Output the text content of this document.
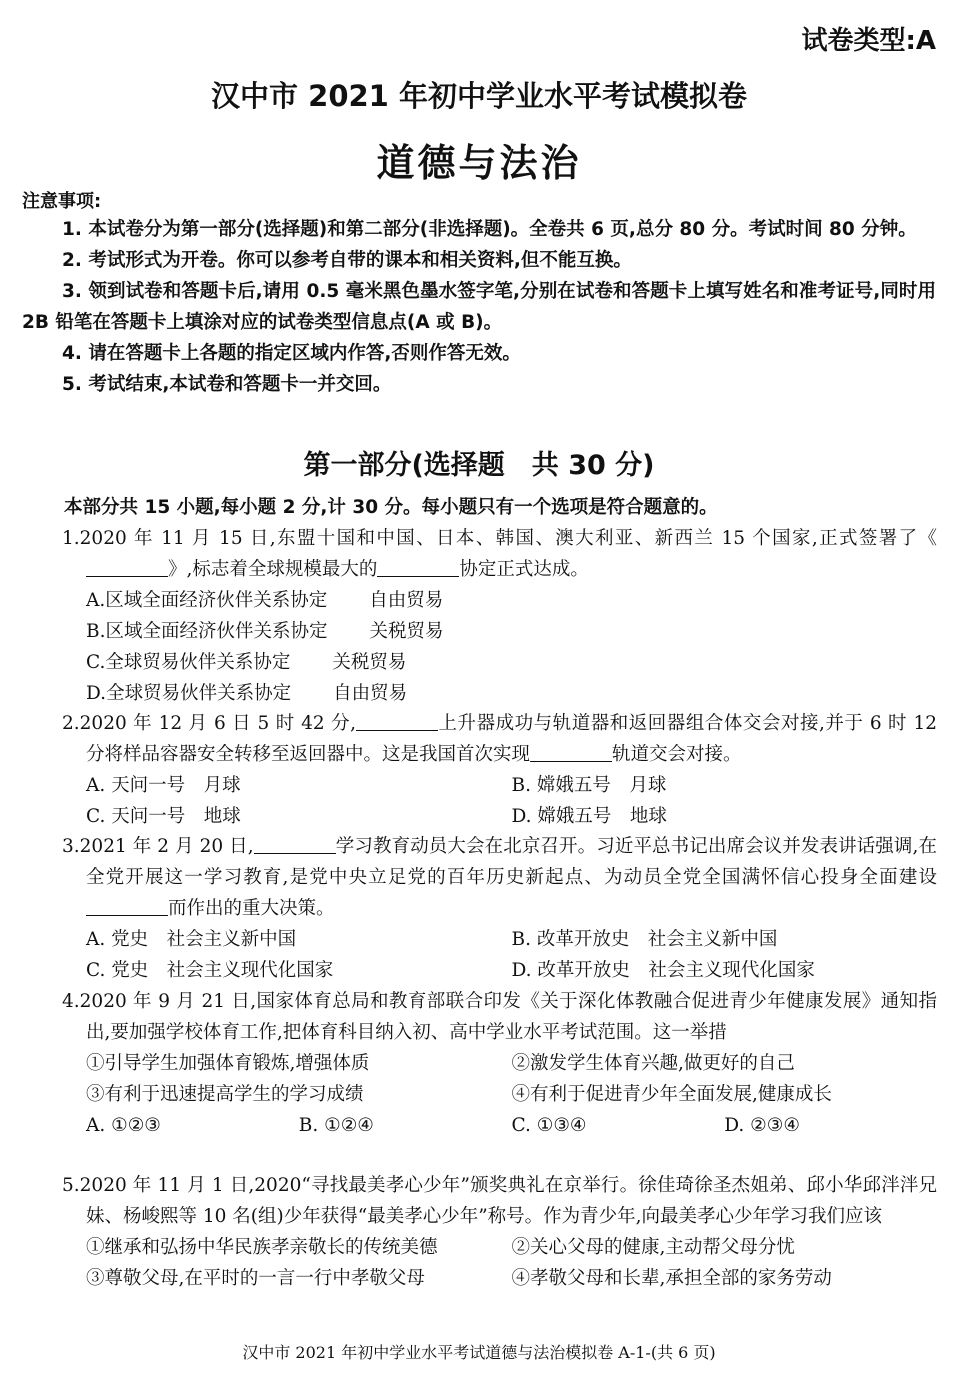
试卷类型:A
汉中市 2021 年初中学业水平考试模拟卷
道德与法治
注意事项:

1. 本试卷分为第一部分(选择题)和第二部分(非选择题)。全卷共 6 页,总分 80 分。考试时间 80 分钟。

2. 考试形式为开卷。你可以参考自带的课本和相关资料,但不能互换。

3. 领到试卷和答题卡后,请用 0.5 毫米黑色墨水签字笔,分别在试卷和答题卡上填写姓名和准考证号,同时用 2B 铅笔在答题卡上填涂对应的试卷类型信息点(A 或 B)。

4. 请在答题卡上各题的指定区域内作答,否则作答无效。

5. 考试结束,本试卷和答题卡一并交回。

第一部分(选择题　共 30 分)
本部分共 15 小题,每小题 2 分,计 30 分。每小题只有一个选项是符合题意的。

1.2020 年 11 月 15 日,东盟十国和中国、日本、韩国、澳大利亚、新西兰 15 个国家,正式签署了《》,标志着全球规模最大的	协定正式达成。

A.区域全面经济伙伴关系协定 自由贸易
B.区域全面经济伙伴关系协定 关税贸易
C.全球贸易伙伴关系协定 关税贸易
D.全球贸易伙伴关系协定 自由贸易

2.2020 年 12 月 6 日 5 时 42 分,	上升器成功与轨道器和返回器组合体交会对接,并于 6 时 12 分将样品容器安全转移至返回器中。这是我国首次实现	轨道交会对接。

A. 天问一号　月球	B. 嫦娥五号　月球
C. 天问一号　地球	D. 嫦娥五号　地球

3.2021 年 2 月 20 日,	学习教育动员大会在北京召开。习近平总书记出席会议并发表讲话强调,在全党开展这一学习教育,是党中央立足党的百年历史新起点、为动员全党全国满怀信心投身全面建设而作出的重大决策。

A. 党史　社会主义新中国	B. 改革开放史　社会主义新中国
C. 党史　社会主义现代化国家	D. 改革开放史　社会主义现代化国家

4.2020 年 9 月 21 日,国家体育总局和教育部联合印发《关于深化体教融合促进青少年健康发展》通知指出,要加强学校体育工作,把体育科目纳入初、高中学业水平考试范围。这一举措

①引导学生加强体育锻炼,增强体质	②激发学生体育兴趣,做更好的自己
③有利于迅速提高学生的学习成绩	④有利于促进青少年全面发展,健康成长
A. ①②③	B. ①②④	C. ①③④	D. ②③④

5.2020 年 11 月 1 日,2020“寻找最美孝心少年”颁奖典礼在京举行。徐佳琦徐圣杰姐弟、邱小华邱泮泮兄妹、杨峻熙等 10 名(组)少年获得“最美孝心少年”称号。作为青少年,向最美孝心少年学习我们应该

①继承和弘扬中华民族孝亲敬长的传统美德	②关心父母的健康,主动帮父母分忧
③尊敬父母,在平时的一言一行中孝敬父母	④孝敬父母和长辈,承担全部的家务劳动
汉中市 2021 年初中学业水平考试道德与法治模拟卷 A-1-(共 6 页)
